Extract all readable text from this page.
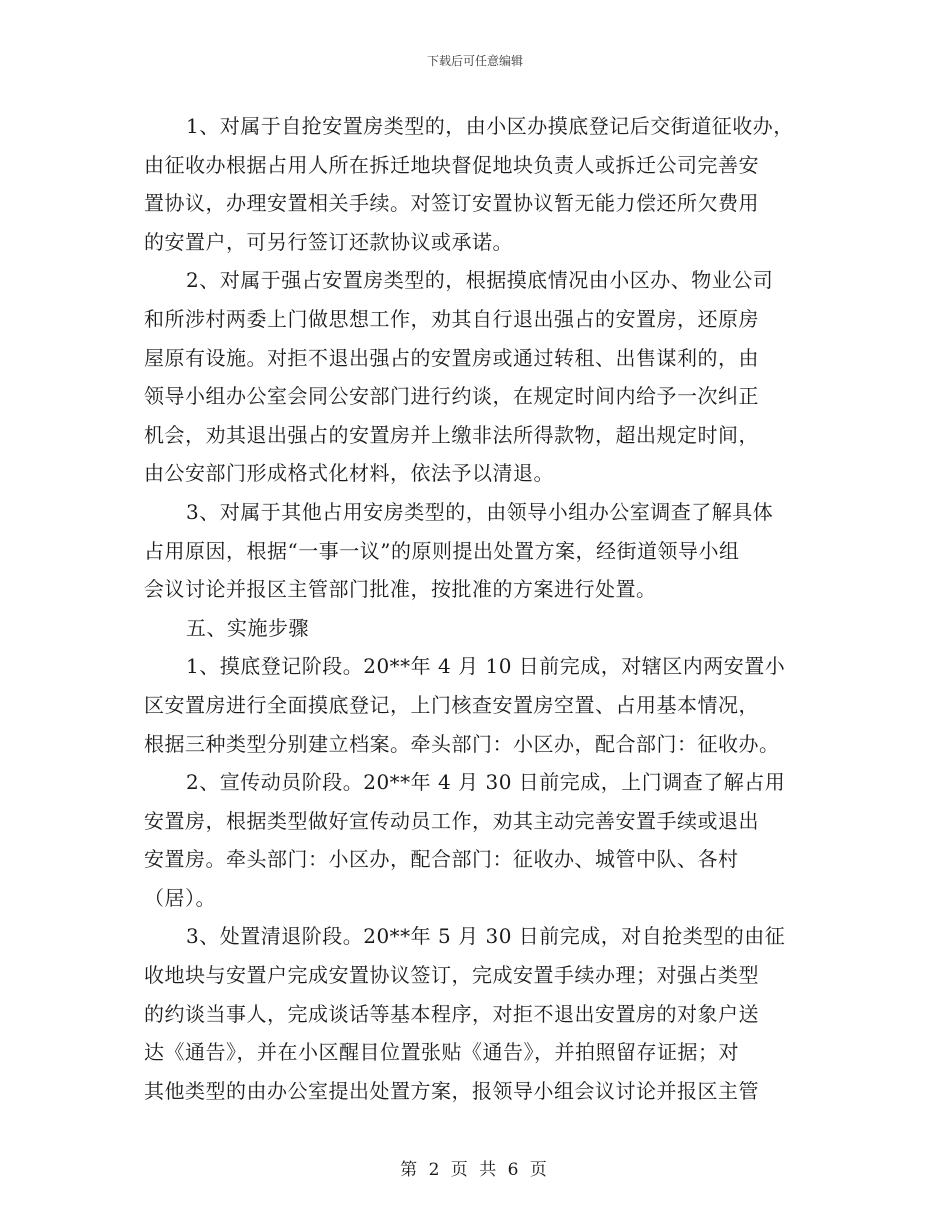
下载后可任意编辑
1、对属于自抢安置房类型的，由小区办摸底登记后交街道征收办，
由征收办根据占用人所在拆迁地块督促地块负责人或拆迁公司完善安
置协议，办理安置相关手续。对签订安置协议暂无能力偿还所欠费用
的安置户，可另行签订还款协议或承诺。
2、对属于强占安置房类型的，根据摸底情况由小区办、物业公司
和所涉村两委上门做思想工作，劝其自行退出强占的安置房，还原房
屋原有设施。对拒不退出强占的安置房或通过转租、出售谋利的，由
领导小组办公室会同公安部门进行约谈，在规定时间内给予一次纠正
机会，劝其退出强占的安置房并上缴非法所得款物，超出规定时间，
由公安部门形成格式化材料，依法予以清退。
3、对属于其他占用安房类型的，由领导小组办公室调查了解具体
占用原因，根据“一事一议”的原则提出处置方案，经街道领导小组
会议讨论并报区主管部门批准，按批准的方案进行处置。
五、实施步骤
1、摸底登记阶段。20**年 4 月 10 日前完成，对辖区内两安置小
区安置房进行全面摸底登记，上门核查安置房空置、占用基本情况，
根据三种类型分别建立档案。牵头部门：小区办，配合部门：征收办。
2、宣传动员阶段。20**年 4 月 30 日前完成，上门调查了解占用
安置房，根据类型做好宣传动员工作，劝其主动完善安置手续或退出
安置房。牵头部门：小区办，配合部门：征收办、城管中队、各村
（居）。
3、处置清退阶段。20**年 5 月 30 日前完成，对自抢类型的由征
收地块与安置户完成安置协议签订，完成安置手续办理；对强占类型
的约谈当事人，完成谈话等基本程序，对拒不退出安置房的对象户送
达《通告》，并在小区醒目位置张贴《通告》，并拍照留存证据；对
其他类型的由办公室提出处置方案，报领导小组会议讨论并报区主管
第 2 页 共 6 页
